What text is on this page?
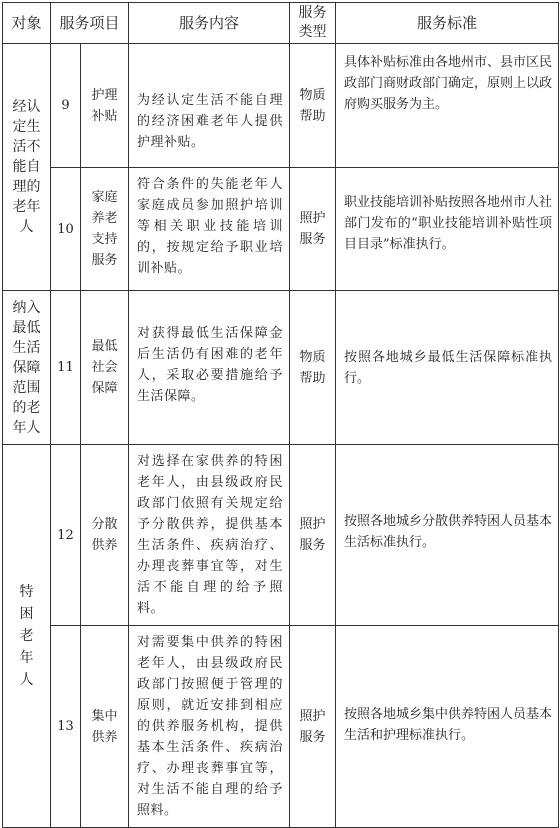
对象	服务项目		服务内容	服务类型	服务标准
经认定生活不能自理的老年人	9	护理补贴	为经认定生活不能自理的经济困难老年人提供护理补贴。	物质帮助	具体补贴标准由各地州市、县市区民政部门商财政部门确定，原则上以政府购买服务为主。
	10	家庭养老支持服务	符合条件的失能老年人家庭成员参加照护培训等相关职业技能培训的，按规定给予职业培训补贴。	照护服务	职业技能培训补贴按照各地州市人社部门发布的“职业技能培训补贴性项目目录”标准执行。
纳入最低生活保障范围的老年人	11	最低社会保障	对获得最低生活保障金后生活仍有困难的老年人，采取必要措施给予生活保障。	物质帮助	按照各地城乡最低生活保障标准执行。
特困老年人	12	分散供养	对选择在家供养的特困老年人，由县级政府民政部门依照有关规定给予分散供养，提供基本生活条件、疾病治疗、办理丧葬事宜等，对生活不能自理的给予照料。	照护服务	按照各地城乡分散供养特困人员基本生活标准执行。
	13	集中供养	对需要集中供养的特困老年人，由县级政府民政部门按照便于管理的原则，就近安排到相应的供养服务机构，提供基本生活条件、疾病治疗、办理丧葬事宜等，对生活不能自理的给予照料。	照护服务	按照各地城乡集中供养特困人员基本生活和护理标准执行。
